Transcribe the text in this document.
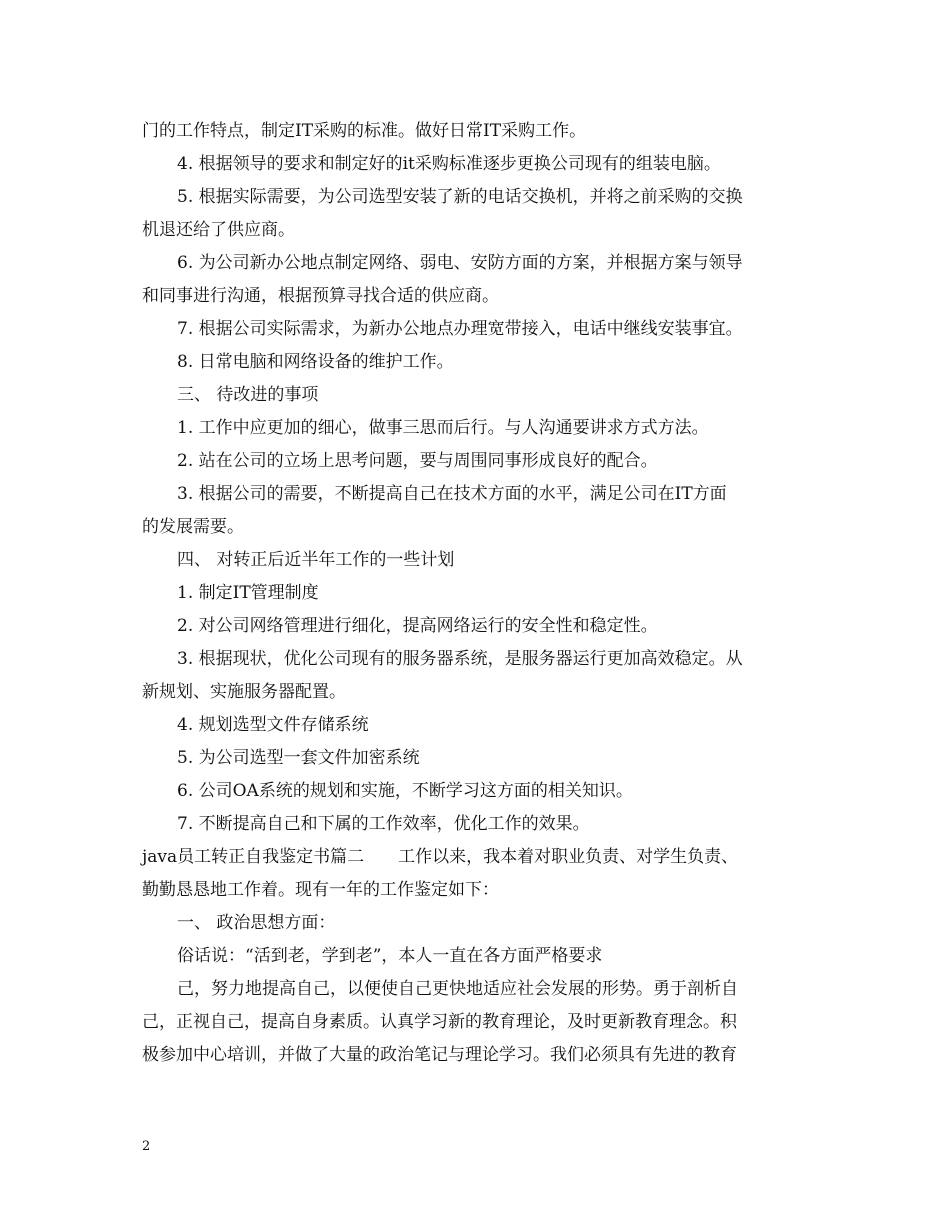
门的工作特点，制定IT采购的标准。做好日常IT采购工作。
4. 根据领导的要求和制定好的it采购标准逐步更换公司现有的组装电脑。
5. 根据实际需要，为公司选型安装了新的电话交换机，并将之前采购的交换
机退还给了供应商。
6. 为公司新办公地点制定网络、弱电、安防方面的方案，并根据方案与领导
和同事进行沟通，根据预算寻找合适的供应商。
7. 根据公司实际需求，为新办公地点办理宽带接入，电话中继线安装事宜。
8. 日常电脑和网络设备的维护工作。
三、 待改进的事项
1. 工作中应更加的细心，做事三思而后行。与人沟通要讲求方式方法。
2. 站在公司的立场上思考问题，要与周围同事形成良好的配合。
3. 根据公司的需要，不断提高自己在技术方面的水平，满足公司在IT方面
的发展需要。
四、 对转正后近半年工作的一些计划
1. 制定IT管理制度
2. 对公司网络管理进行细化，提高网络运行的安全性和稳定性。
3. 根据现状，优化公司现有的服务器系统，是服务器运行更加高效稳定。从
新规划、实施服务器配置。
4. 规划选型文件存储系统
5. 为公司选型一套文件加密系统
6. 公司OA系统的规划和实施，不断学习这方面的相关知识。
7. 不断提高自己和下属的工作效率，优化工作的效果。
java员工转正自我鉴定书篇二　　工作以来，我本着对职业负责、对学生负责、
勤勤恳恳地工作着。现有一年的工作鉴定如下：
一、 政治思想方面：
俗话说：“活到老，学到老”，本人一直在各方面严格要求
己，努力地提高自己，以便使自己更快地适应社会发展的形势。勇于剖析自
己，正视自己，提高自身素质。认真学习新的教育理论，及时更新教育理念。积
极参加中心培训，并做了大量的政治笔记与理论学习。我们必须具有先进的教育
2
